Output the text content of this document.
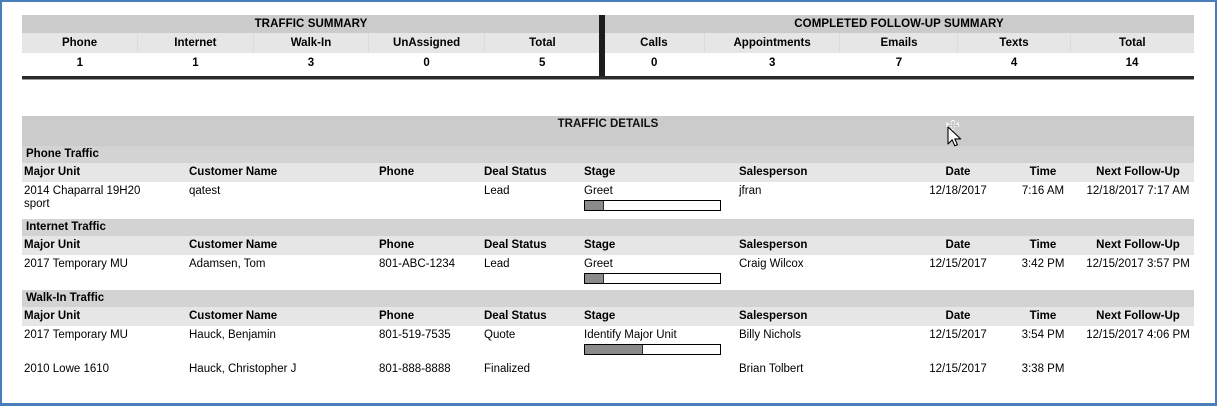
TRAFFIC SUMMARY				
Phone	Internet	Walk-In	UnAssigned	Total
1	1	3	0	5
COMPLETED FOLLOW-UP SUMMARY				
Calls	Appointments	Emails	Texts	Total
0	3	7	4	14
TRAFFIC DETAILS
Phone Traffic
Major Unit	Customer Name	Phone	Deal Status	Stage	Salesperson	Date	Time	Next Follow-Up

2014 Chaparral 19H20
sport	qatest		Lead	Greet	jfran	12/18/2017	7:16 AM	12/18/2017 7:17 AM
Internet Traffic
Major Unit	Customer Name	Phone	Deal Status	Stage	Salesperson	Date	Time	Next Follow-Up

2017 Temporary MU	Adamsen, Tom	801-ABC-1234	Lead	Greet	Craig Wilcox	12/15/2017	3:42 PM	12/15/2017 3:57 PM
Walk-In Traffic
Major Unit	Customer Name	Phone	Deal Status	Stage	Salesperson	Date	Time	Next Follow-Up

2017 Temporary MU	Hauck, Benjamin	801-519-7535	Quote	Identify Major Unit	Billy Nichols	12/15/2017	3:54 PM	12/15/2017 4:06 PM

2010 Lowe 1610	Hauck, Christopher J	801-888-8888	Finalized		Brian Tolbert	12/15/2017	3:38 PM	
